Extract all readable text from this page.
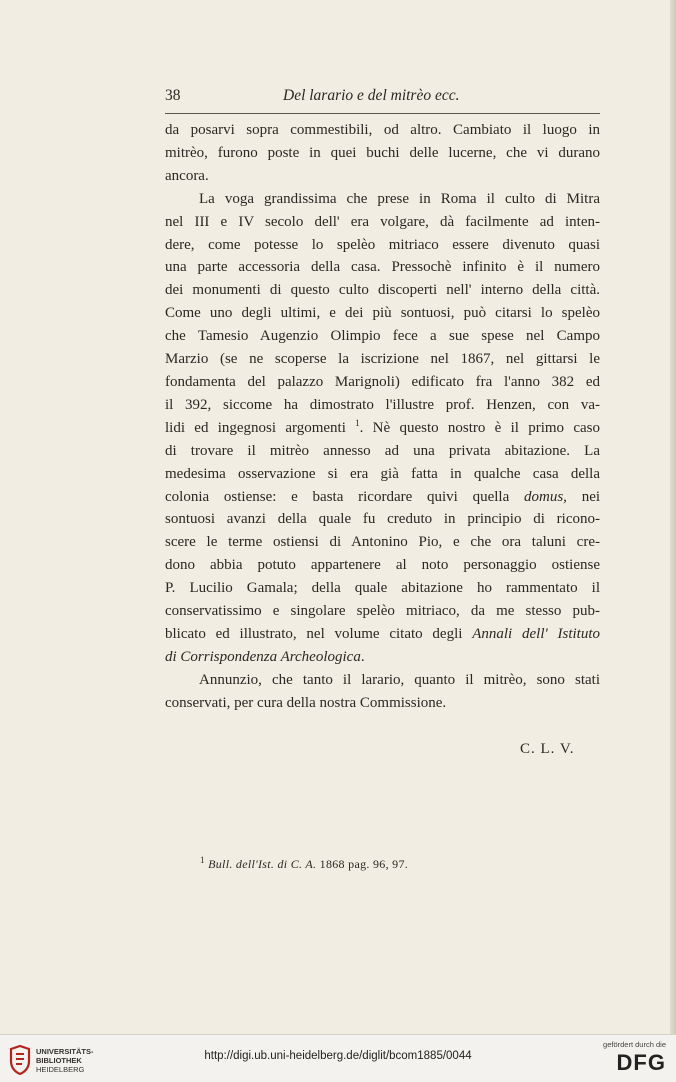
38	Del larario e del mitrèo ecc.

da posarvi sopra commestibili, od altro. Cambiato il luogo in
mitrèo, furono poste in quei buchi delle lucerne, che vi durano
ancora.

La voga grandissima che prese in Roma il culto di Mitra
nel III e IV secolo dell' era volgare, dà facilmente ad inten-
dere, come potesse lo spelèo mitriaco essere divenuto quasi
una parte accessoria della casa. Pressochè infinito è il numero
dei monumenti di questo culto discoperti nell' interno della città.
Come uno degli ultimi, e dei più sontuosi, può citarsi lo spelèo
che Tamesio Augenzio Olimpio fece a sue spese nel Campo
Marzio (se ne scoperse la iscrizione nel 1867, nel gittarsi le
fondamenta del palazzo Marignoli) edificato fra l'anno 382 ed
il 392, siccome ha dimostrato l'illustre prof. Henzen, con va-
lidi ed ingegnosi argomenti $^1$. Nè questo nostro è il primo caso
di trovare il mitrèo annesso ad una privata abitazione. La
medesima osservazione si era già fatta in qualche casa della
colonia ostiense: e basta ricordare quivi quella domus, nei
sontuosi avanzi della quale fu creduto in principio di ricono-
scere le terme ostiensi di Antonino Pio, e che ora taluni cre-
dono abbia potuto appartenere al noto personaggio ostiense
P. Lucilio Gamala; della quale abitazione ho rammentato il
conservatissimo e singolare spelèo mitriaco, da me stesso pub-
blicato ed illustrato, nel volume citato degli Annali dell' Istituto
di Corrispondenza Archeologica.

Annunzio, che tanto il larario, quanto il mitrèo, sono stati
conservati, per cura della nostra Commissione.

C. L. V.
$^1$ Bull. dell'Ist. di C. A. 1868 pag. 96, 97.
UNIVERSITÄTS-
BIBLIOTHEK
HEIDELBERG
http://digi.ub.uni-heidelberg.de/diglit/bcom1885/0044
gefördert durch die
DFG
